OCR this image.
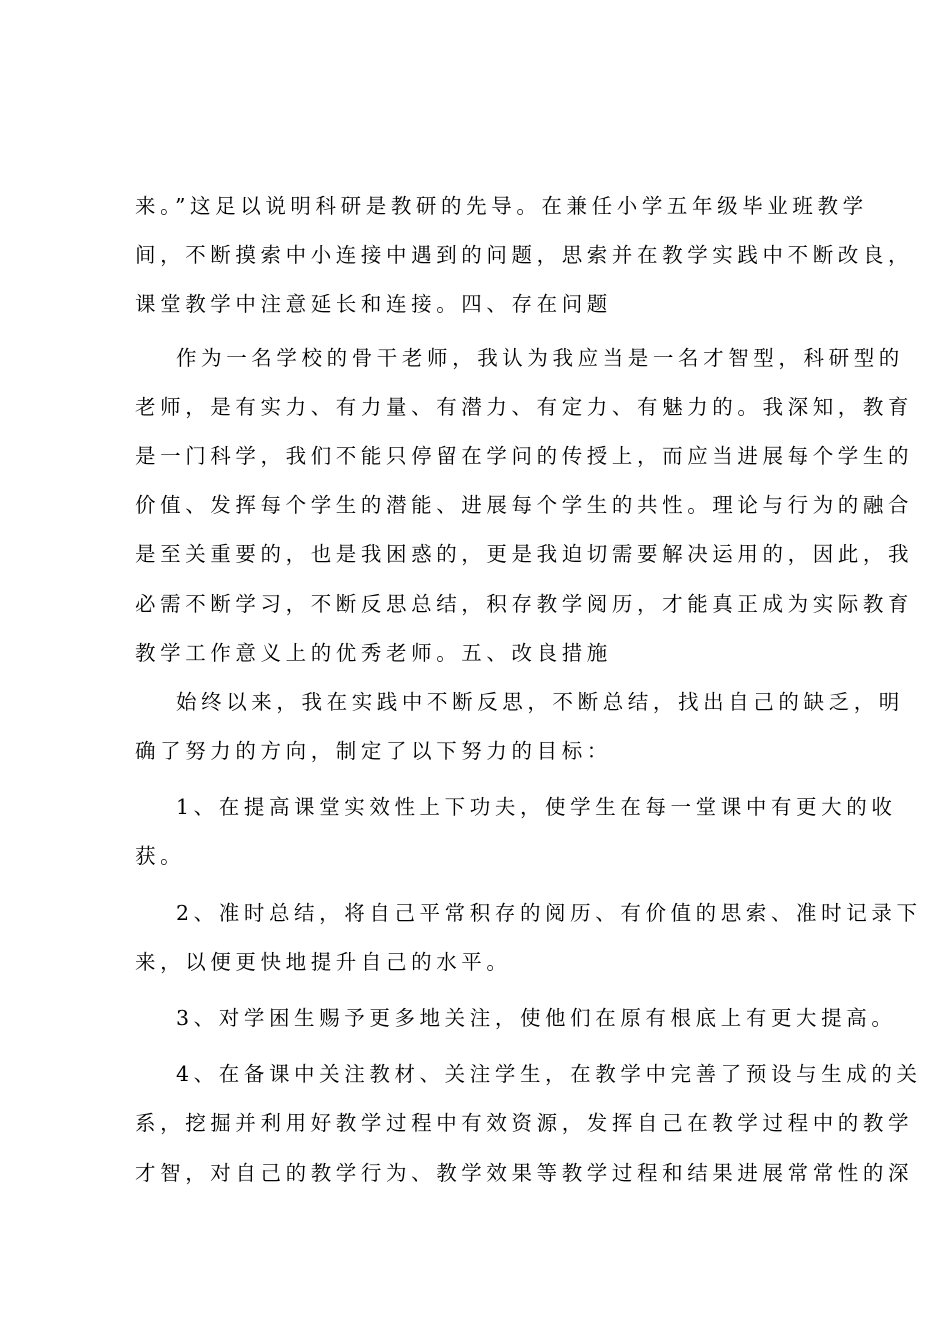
来。”这足以说明科研是教研的先导。在兼任小学五年级毕业班教学
间，不断摸索中小连接中遇到的问题，思索并在教学实践中不断改良，
课堂教学中注意延长和连接。四、存在问题
作为一名学校的骨干老师，我认为我应当是一名才智型，科研型的
老师，是有实力、有力量、有潜力、有定力、有魅力的。我深知，教育
是一门科学，我们不能只停留在学问的传授上，而应当进展每个学生的
价值、发挥每个学生的潜能、进展每个学生的共性。理论与行为的融合
是至关重要的，也是我困惑的，更是我迫切需要解决运用的，因此，我
必需不断学习，不断反思总结，积存教学阅历，才能真正成为实际教育
教学工作意义上的优秀老师。五、改良措施
始终以来，我在实践中不断反思，不断总结，找出自己的缺乏，明
确了努力的方向，制定了以下努力的目标：
1、在提高课堂实效性上下功夫，使学生在每一堂课中有更大的收
获。
2、准时总结，将自己平常积存的阅历、有价值的思索、准时记录下
来，以便更快地提升自己的水平。
3、对学困生赐予更多地关注，使他们在原有根底上有更大提高。
4、在备课中关注教材、关注学生，在教学中完善了预设与生成的关
系，挖掘并利用好教学过程中有效资源，发挥自己在教学过程中的教学
才智，对自己的教学行为、教学效果等教学过程和结果进展常常性的深
